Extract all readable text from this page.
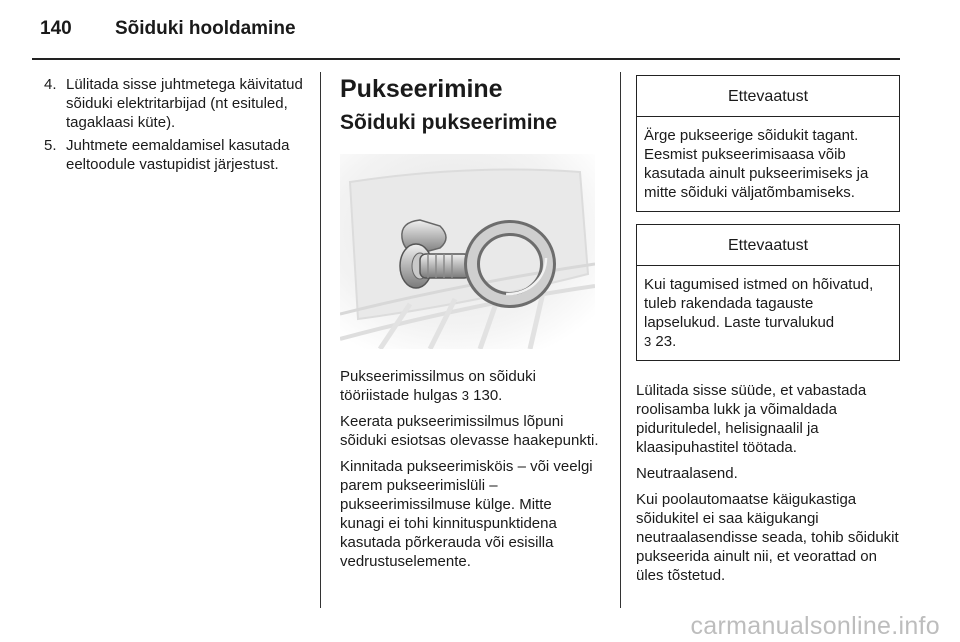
140 Sõiduki hooldamine
4. Lülitada sisse juhtmetega käivitatud sõiduki elektritarbijad (nt esituled, tagaklaasi küte).
5. Juhtmete eemaldamisel kasutada eeltoodule vastupidist järjestust.
Pukseerimine
Sõiduki pukseerimine

Pukseerimissilmus on sõiduki tööriistade hulgas 3 130.

Keerata pukseerimissilmus lõpuni sõiduki esiotsas olevasse haakepunkti.

Kinnitada pukseerimisköis – või veelgi parem pukseerimislüli – pukseerimissilmuse külge. Mitte kunagi ei tohi kinnituspunktidena kasutada põrkerauda või esisilla vedrustuselemente.

Ettevaatust
Ärge pukseerige sõidukit tagant. Eesmist pukseerimisaasa võib kasutada ainult pukseerimiseks ja mitte sõiduki väljatõmbamiseks.
Ettevaatust
Kui tagumised istmed on hõivatud, tuleb rakendada tagauste lapselukud. Laste turvalukud
3 23.

Lülitada sisse süüde, et vabastada roolisamba lukk ja võimaldada pidurituledel, helisignaalil ja klaasipuhastitel töötada.

Neutraalasend.

Kui poolautomaatse käigukastiga sõidukitel ei saa käigukangi neutraalasendisse seada, tohib sõidukit pukseerida ainult nii, et veorattad on üles tõstetud.

carmanualsonline.info
